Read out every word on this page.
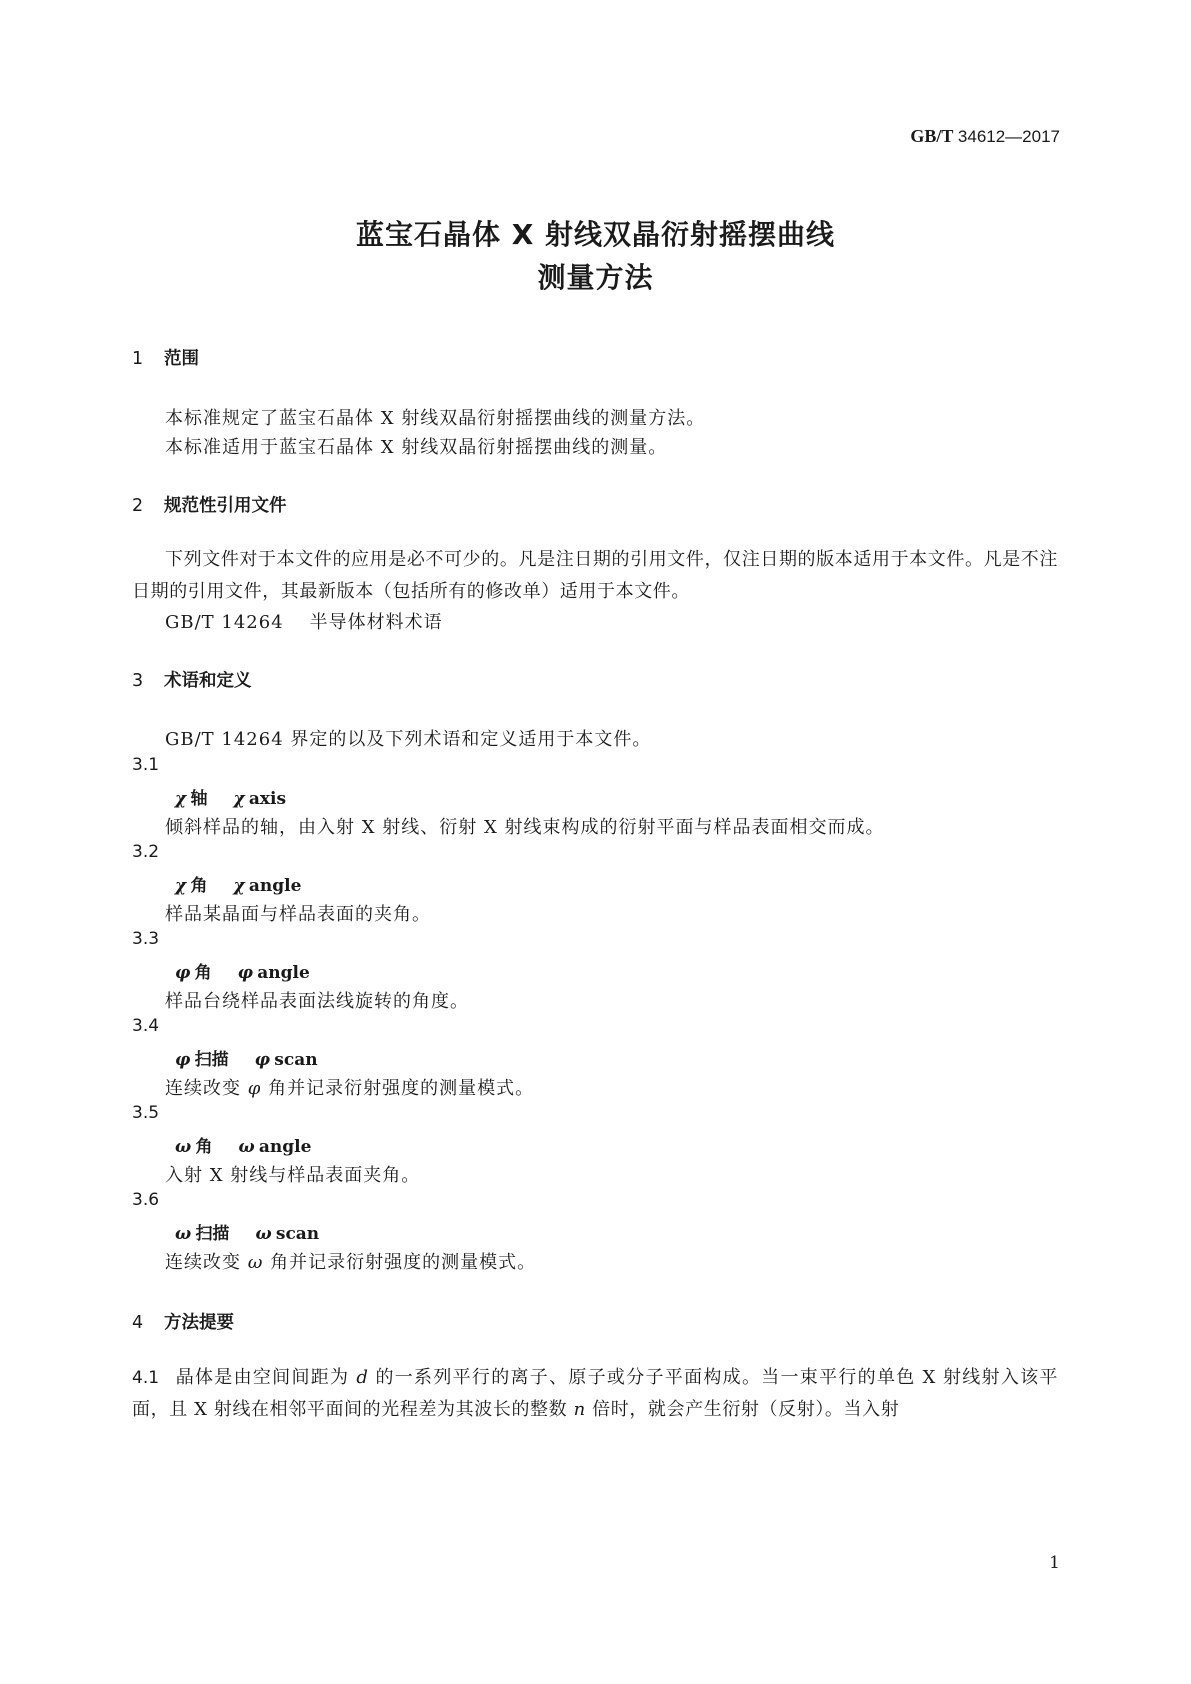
GB/T 34612—2017
蓝宝石晶体 X 射线双晶衍射摇摆曲线
测量方法
1 范围
本标准规定了蓝宝石晶体 X 射线双晶衍射摇摆曲线的测量方法。
本标准适用于蓝宝石晶体 X 射线双晶衍射摇摆曲线的测量。
2 规范性引用文件
下列文件对于本文件的应用是必不可少的。凡是注日期的引用文件，仅注日期的版本适用于本文件。凡是不注日期的引用文件，其最新版本（包括所有的修改单）适用于本文件。
GB/T 14264 半导体材料术语
3 术语和定义
GB/T 14264 界定的以及下列术语和定义适用于本文件。
3.1
χ 轴 χ axis
倾斜样品的轴，由入射 X 射线、衍射 X 射线束构成的衍射平面与样品表面相交而成。
3.2
χ 角 χ angle
样品某晶面与样品表面的夹角。
3.3
φ 角 φ angle
样品台绕样品表面法线旋转的角度。
3.4
φ 扫描 φ scan
连续改变 φ 角并记录衍射强度的测量模式。
3.5
ω 角 ω angle
入射 X 射线与样品表面夹角。
3.6
ω 扫描 ω scan
连续改变 ω 角并记录衍射强度的测量模式。
4 方法提要
4.1 晶体是由空间间距为 d 的一系列平行的离子、原子或分子平面构成。当一束平行的单色 X 射线射入该平面，且 X 射线在相邻平面间的光程差为其波长的整数 n 倍时，就会产生衍射（反射）。当入射
1
